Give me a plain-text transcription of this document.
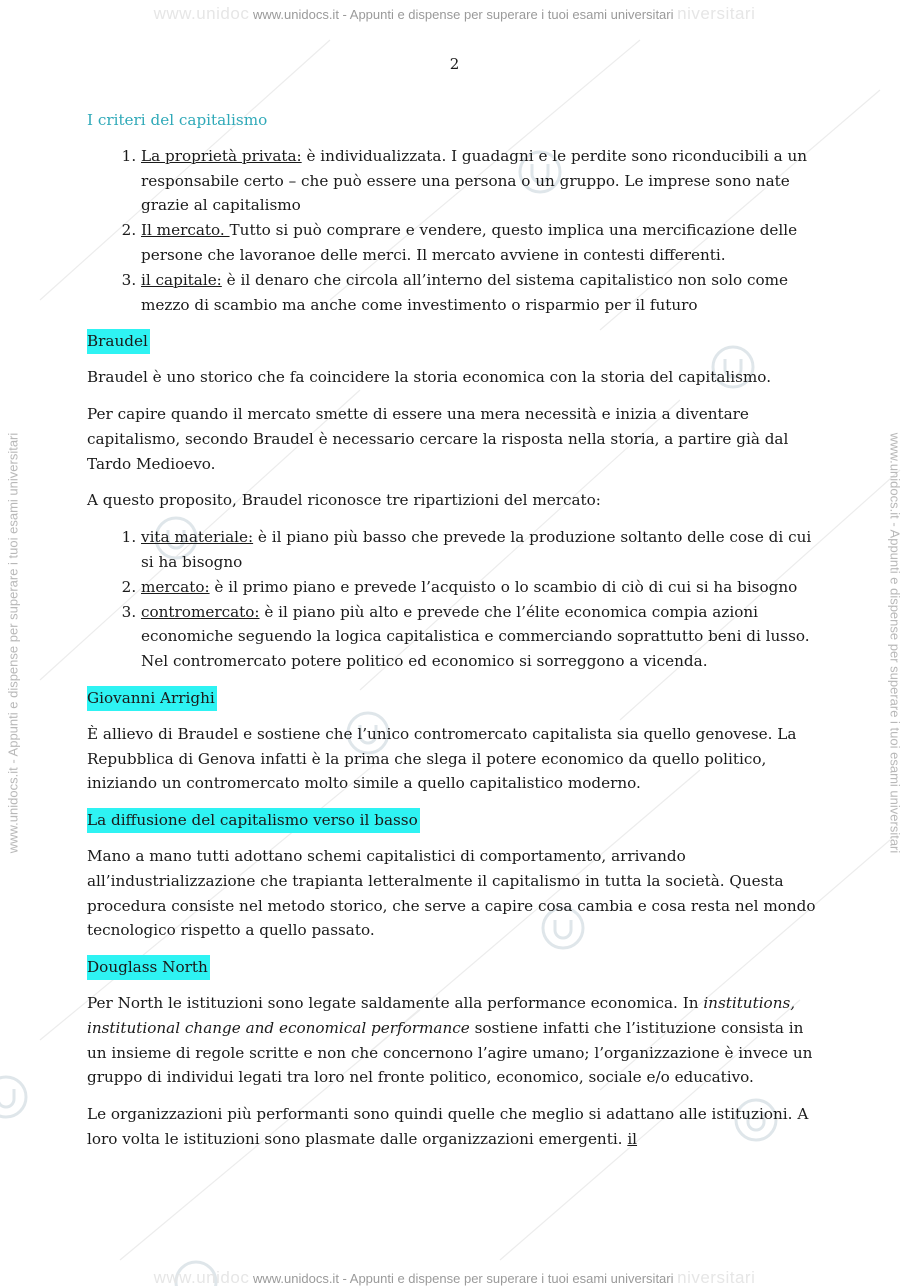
www.unidoc www.unidocs.it - Appunti e dispense per superare i tuoi esami universitari niversitari
www.unidocs.it - Appunti e dispense per superare i tuoi esami universitari	www.unidocs.it - Appunti e dispense per superare i tuoi esami universitari
2
I criteri del capitalismo
1. La proprietà privata: è individualizzata. I guadagni e le perdite sono riconducibili a un responsabile certo – che può essere una persona o un gruppo. Le imprese sono nate grazie al capitalismo
2. Il mercato. Tutto si può comprare e vendere, questo implica una mercificazione delle persone che lavoranoe delle merci. Il mercato avviene in contesti differenti.
3. il capitale: è il denaro che circola all’interno del sistema capitalistico non solo come mezzo di scambio ma anche come investimento o risparmio per il futuro
Braudel

Braudel è uno storico che fa coincidere la storia economica con la storia del capitalismo.

Per capire quando il mercato smette di essere una mera necessità e inizia a diventare capitalismo, secondo Braudel è necessario cercare la risposta nella storia, a partire già dal Tardo Medioevo.

A questo proposito, Braudel riconosce tre ripartizioni del mercato:

1. vita materiale: è il piano più basso che prevede la produzione soltanto delle cose di cui si ha bisogno
2. mercato: è il primo piano e prevede l’acquisto o lo scambio di ciò di cui si ha bisogno
3. contromercato: è il piano più alto e prevede che l’élite economica compia azioni economiche seguendo la logica capitalistica e commerciando soprattutto beni di lusso. Nel contromercato potere politico ed economico si sorreggono a vicenda.
Giovanni Arrighi

È allievo di Braudel e sostiene che l’unico contromercato capitalista sia quello genovese. La Repubblica di Genova infatti è la prima che slega il potere economico da quello politico, iniziando un contromercato molto simile a quello capitalistico moderno.

La diffusione del capitalismo verso il basso

Mano a mano tutti adottano schemi capitalistici di comportamento, arrivando all’industrializzazione che trapianta letteralmente il capitalismo in tutta la società. Questa procedura consiste nel metodo storico, che serve a capire cosa cambia e cosa resta nel mondo tecnologico rispetto a quello passato.

Douglass North

Per North le istituzioni sono legate saldamente alla performance economica. In institutions, institutional change and economical performance sostiene infatti che l’istituzione consista in un insieme di regole scritte e non che concernono l’agire umano; l’organizzazione è invece un gruppo di individui legati tra loro nel fronte politico, economico, sociale e/o educativo.

Le organizzazioni più performanti sono quindi quelle che meglio si adattano alle istituzioni. A loro volta le istituzioni sono plasmate dalle organizzazioni emergenti. il

www.unidoc www.unidocs.it - Appunti e dispense per superare i tuoi esami universitari niversitari
